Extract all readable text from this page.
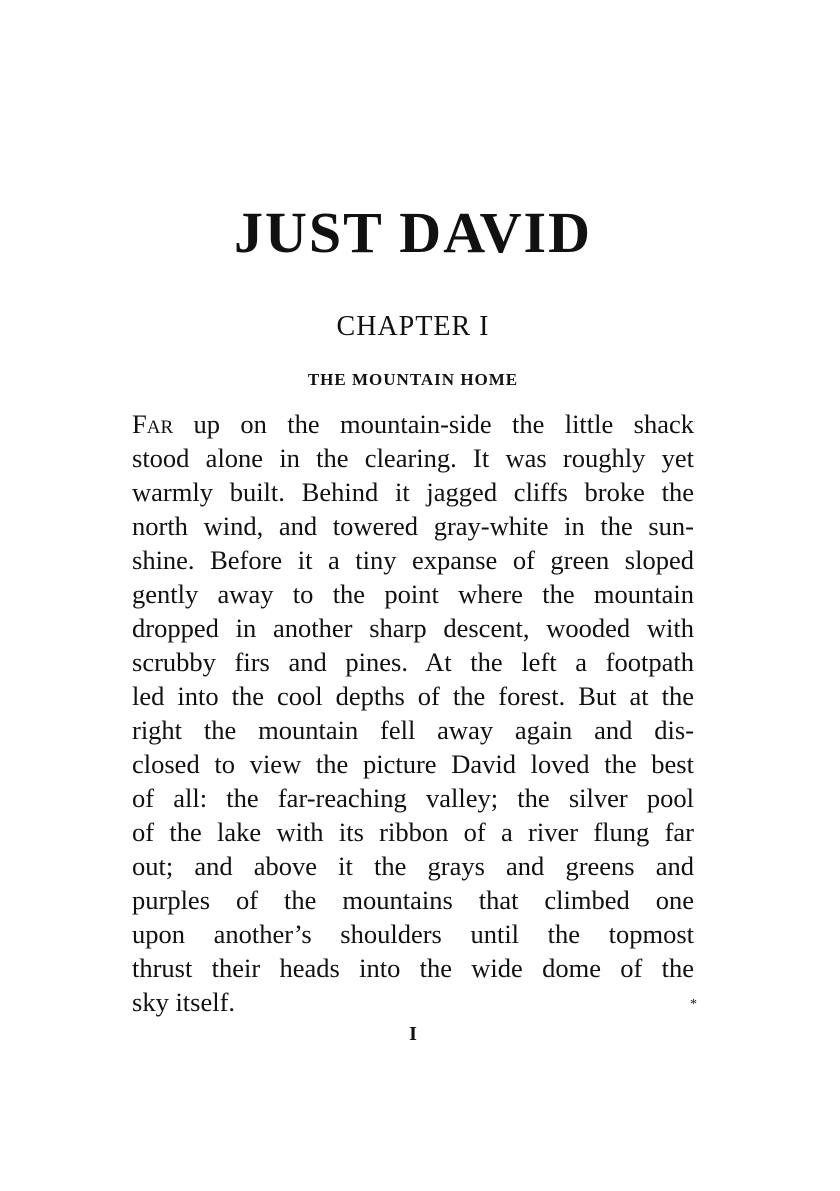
JUST DAVID
CHAPTER I
THE MOUNTAIN HOME
Far up on the mountain-side the little shack
stood alone in the clearing. It was roughly yet
warmly built. Behind it jagged cliffs broke the
north wind, and towered gray-white in the sun-
shine. Before it a tiny expanse of green sloped
gently away to the point where the mountain
dropped in another sharp descent, wooded with
scrubby firs and pines. At the left a footpath
led into the cool depths of the forest. But at the
right the mountain fell away again and dis-
closed to view the picture David loved the best
of all: the far-reaching valley; the silver pool
of the lake with its ribbon of a river flung far
out; and above it the grays and greens and
purples of the mountains that climbed one
upon another’s shoulders until the topmost
thrust their heads into the wide dome of the
sky itself.	*
I
